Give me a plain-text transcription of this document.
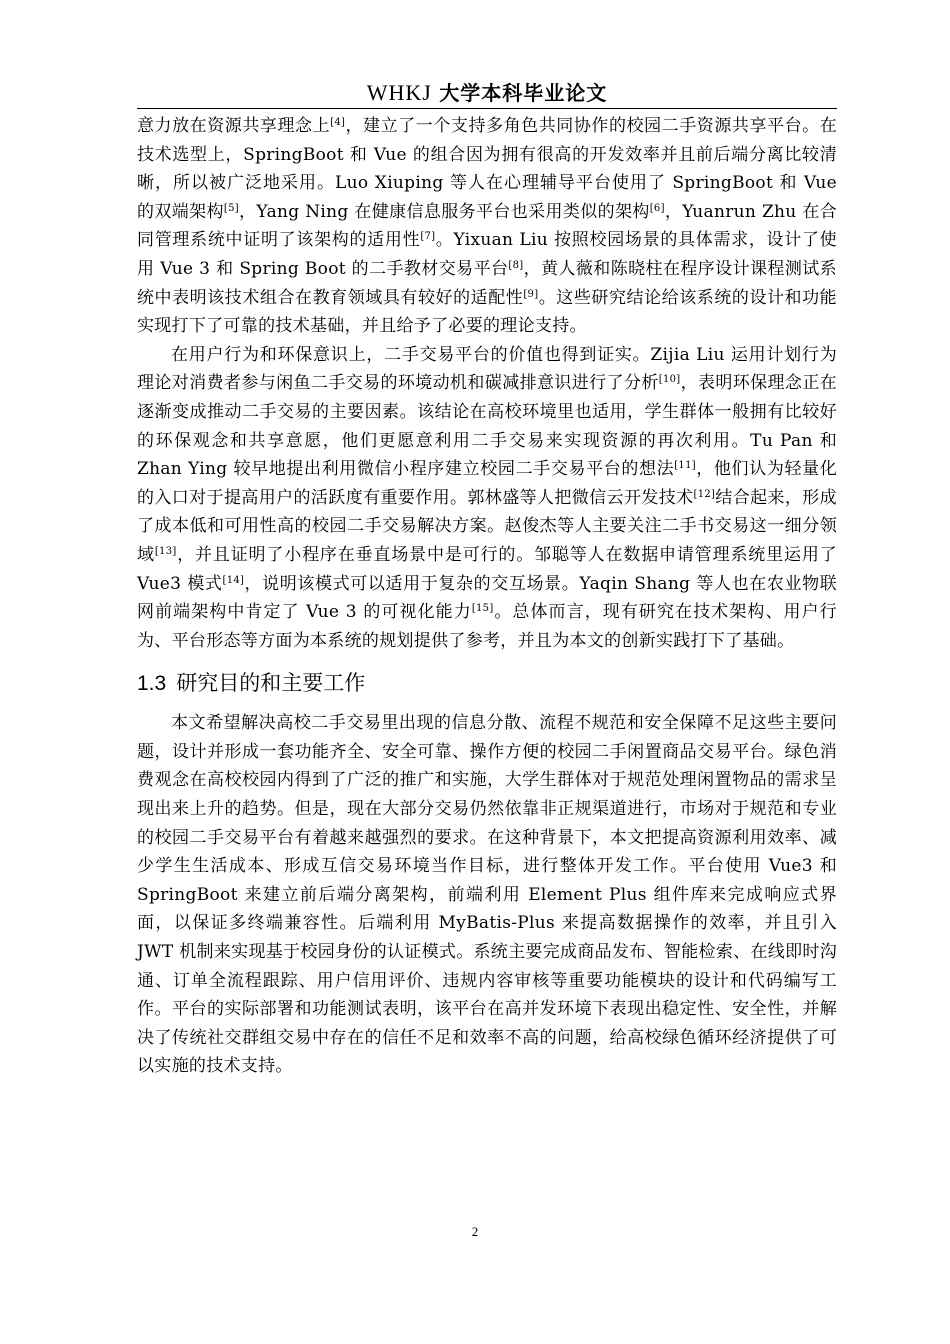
WHKJ 大学本科毕业论文

意力放在资源共享理念上[4]，建立了一个支持多角色共同协作的校园二手资源共享平台。在技术选型上，SpringBoot 和 Vue 的组合因为拥有很高的开发效率并且前后端分离比较清晰，所以被广泛地采用。Luo Xiuping 等人在心理辅导平台使用了 SpringBoot 和 Vue 的双端架构[5]，Yang Ning 在健康信息服务平台也采用类似的架构[6]，Yuanrun Zhu 在合同管理系统中证明了该架构的适用性[7]。Yixuan Liu 按照校园场景的具体需求，设计了使用 Vue 3 和 Spring Boot 的二手教材交易平台[8]，黄人薇和陈晓柱在程序设计课程测试系统中表明该技术组合在教育领域具有较好的适配性[9]。这些研究结论给该系统的设计和功能实现打下了可靠的技术基础，并且给予了必要的理论支持。

在用户行为和环保意识上，二手交易平台的价值也得到证实。Zijia Liu 运用计划行为理论对消费者参与闲鱼二手交易的环境动机和碳减排意识进行了分析[10]，表明环保理念正在逐渐变成推动二手交易的主要因素。该结论在高校环境里也适用，学生群体一般拥有比较好的环保观念和共享意愿，他们更愿意利用二手交易来实现资源的再次利用。Tu Pan 和 Zhan Ying 较早地提出利用微信小程序建立校园二手交易平台的想法[11]，他们认为轻量化的入口对于提高用户的活跃度有重要作用。郭林盛等人把微信云开发技术[12]结合起来，形成了成本低和可用性高的校园二手交易解决方案。赵俊杰等人主要关注二手书交易这一细分领域[13]，并且证明了小程序在垂直场景中是可行的。邹聪等人在数据申请管理系统里运用了 Vue3 模式[14]，说明该模式可以适用于复杂的交互场景。Yaqin Shang 等人也在农业物联网前端架构中肯定了 Vue 3 的可视化能力[15]。总体而言，现有研究在技术架构、用户行为、平台形态等方面为本系统的规划提供了参考，并且为本文的创新实践打下了基础。

1.3 研究目的和主要工作

本文希望解决高校二手交易里出现的信息分散、流程不规范和安全保障不足这些主要问题，设计并形成一套功能齐全、安全可靠、操作方便的校园二手闲置商品交易平台。绿色消费观念在高校校园内得到了广泛的推广和实施，大学生群体对于规范处理闲置物品的需求呈现出来上升的趋势。但是，现在大部分交易仍然依靠非正规渠道进行，市场对于规范和专业的校园二手交易平台有着越来越强烈的要求。在这种背景下，本文把提高资源利用效率、减少学生生活成本、形成互信交易环境当作目标，进行整体开发工作。平台使用 Vue3 和 SpringBoot 来建立前后端分离架构，前端利用 Element Plus 组件库来完成响应式界面，以保证多终端兼容性。后端利用 MyBatis-Plus 来提高数据操作的效率，并且引入 JWT 机制来实现基于校园身份的认证模式。系统主要完成商品发布、智能检索、在线即时沟通、订单全流程跟踪、用户信用评价、违规内容审核等重要功能模块的设计和代码编写工作。平台的实际部署和功能测试表明，该平台在高并发环境下表现出稳定性、安全性，并解决了传统社交群组交易中存在的信任不足和效率不高的问题，给高校绿色循环经济提供了可以实施的技术支持。

2
